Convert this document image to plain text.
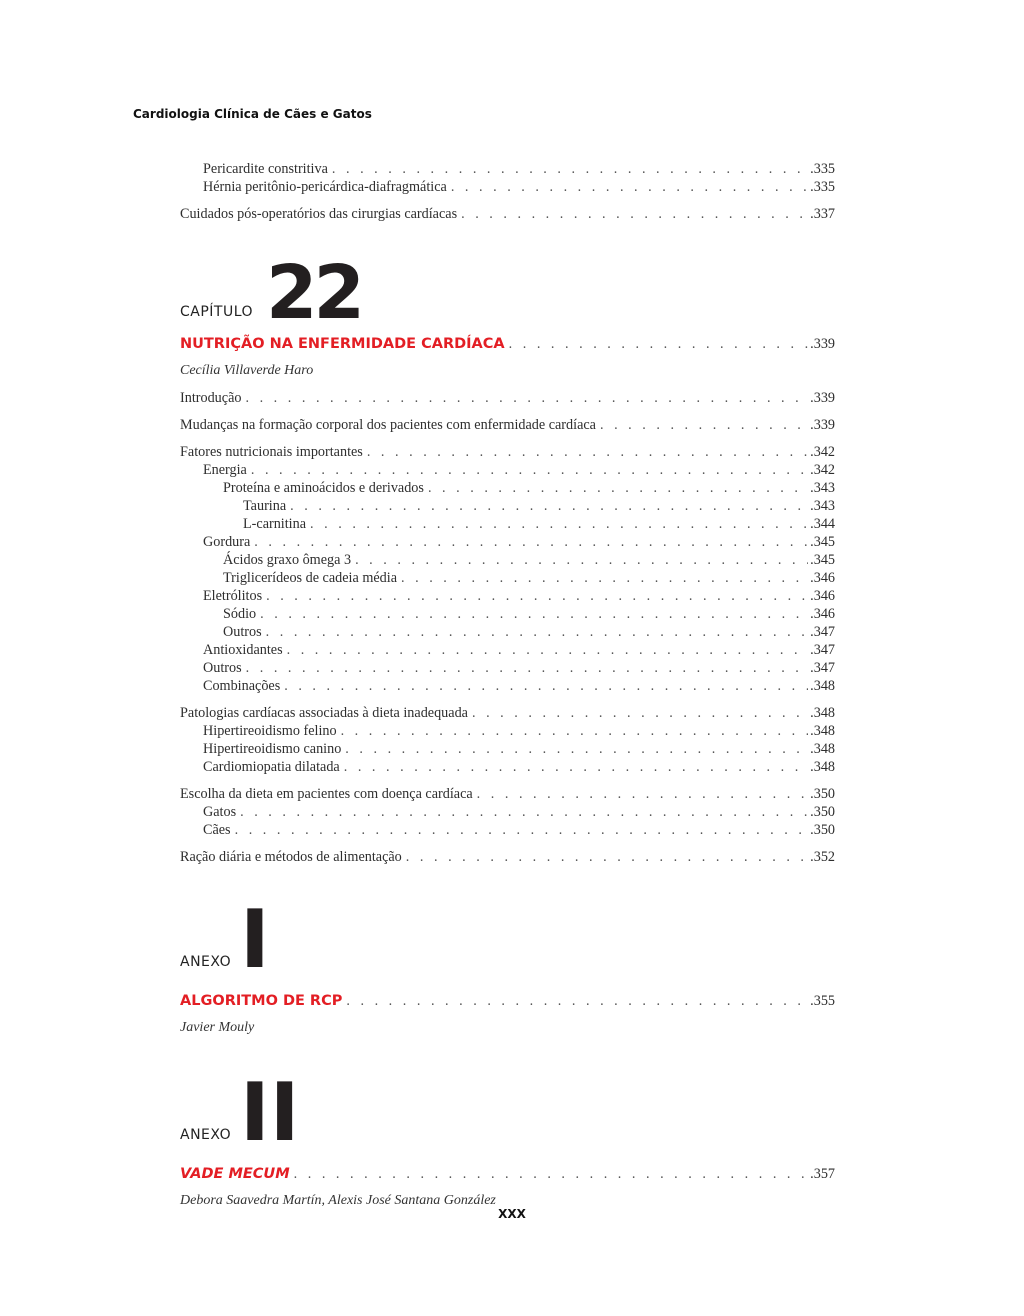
Cardiologia Clínica de Cães e Gatos
Pericardite constritiva . . .	.335
Hérnia peritônio-pericárdica-diafragmática . . .	.335
Cuidados pós-operatórios das cirurgias cardíacas . . .	.337
CAPÍTULO 22
NUTRIÇÃO NA ENFERMIDADE CARDÍACA . . .	.339
Cecília Villaverde Haro
Introdução . . .	.339
Mudanças na formação corporal dos pacientes com enfermidade cardíaca . . .	.339
Fatores nutricionais importantes . . .	.342
Energia . . .	.342
Proteína e aminoácidos e derivados . . .	.343
Taurina . . .	.343
L-carnitina . . .	.344
Gordura . . .	.345
Ácidos graxo ômega 3 . . .	.345
Triglicerídeos de cadeia média . . .	.346
Eletrólitos . . .	.346
Sódio . . .	.346
Outros . . .	.347
Antioxidantes . . .	.347
Outros . . .	.347
Combinações . . .	.348
Patologias cardíacas associadas à dieta inadequada . . .	.348
Hipertireoidismo felino . . .	.348
Hipertireoidismo canino . . .	.348
Cardiomiopatia dilatada . . .	.348
Escolha da dieta em pacientes com doença cardíaca . . .	.350
Gatos . . .	.350
Cães . . .	.350
Ração diária e métodos de alimentação . . .	.352
ANEXO I
ALGORITMO DE RCP . . .	.355
Javier Mouly
ANEXO II
VADE MECUM . . .	.357
Debora Saavedra Martín, Alexis José Santana González
XXX
